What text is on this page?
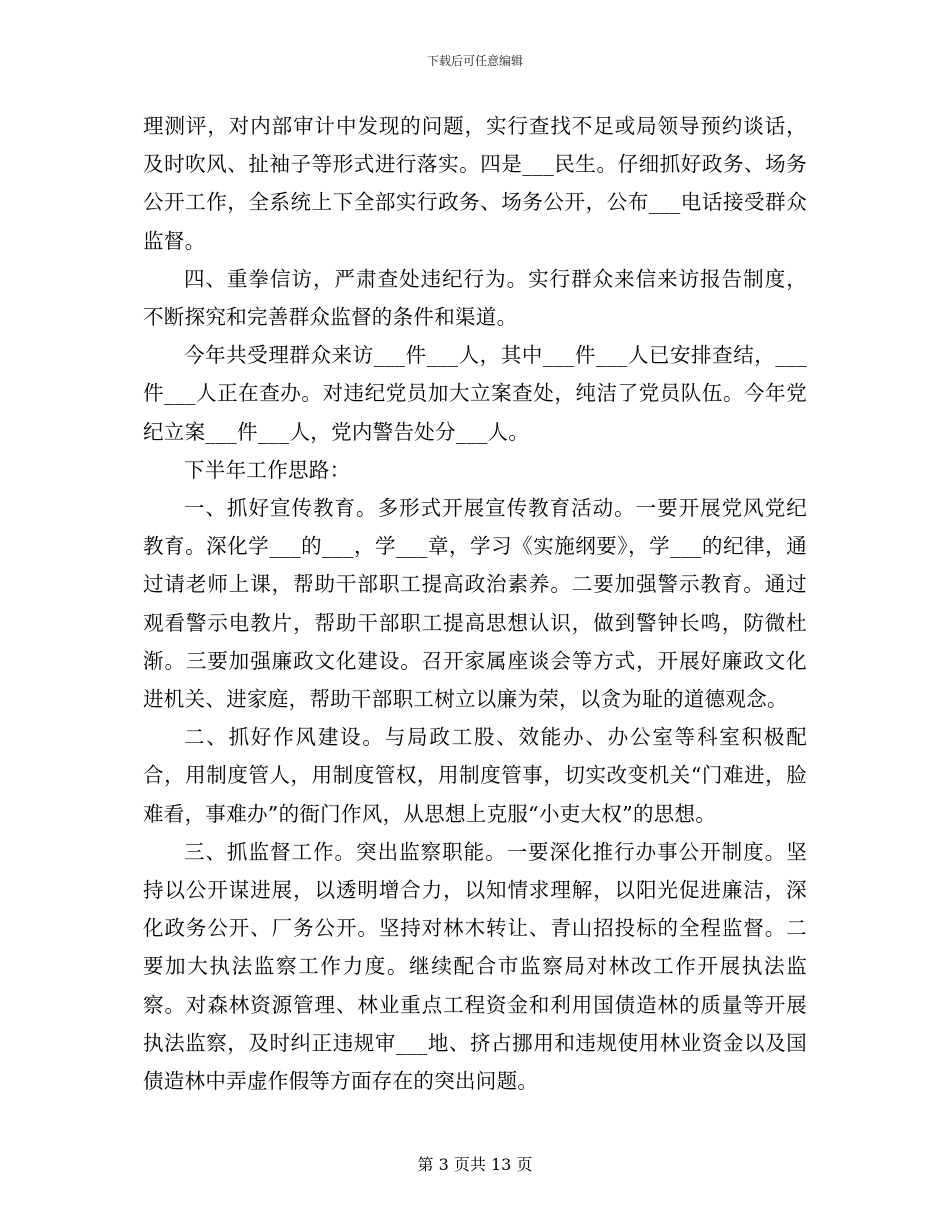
下载后可任意编辑

理测评，对内部审计中发现的问题，实行查找不足或局领导预约谈话，及时吹风、扯袖子等形式进行落实。四是___民生。仔细抓好政务、场务公开工作，全系统上下全部实行政务、场务公开，公布___电话接受群众监督。

四、重拳信访，严肃查处违纪行为。实行群众来信来访报告制度，不断探究和完善群众监督的条件和渠道。

今年共受理群众来访___件___人，其中___件___人已安排查结，___件___人正在查办。对违纪党员加大立案查处，纯洁了党员队伍。今年党纪立案___件___人，党内警告处分___人。

下半年工作思路：

一、抓好宣传教育。多形式开展宣传教育活动。一要开展党风党纪教育。深化学___的___，学___章，学习《实施纲要》，学___的纪律，通过请老师上课，帮助干部职工提高政治素养。二要加强警示教育。通过观看警示电教片，帮助干部职工提高思想认识，做到警钟长鸣，防微杜渐。三要加强廉政文化建设。召开家属座谈会等方式，开展好廉政文化进机关、进家庭，帮助干部职工树立以廉为荣，以贪为耻的道德观念。

二、抓好作风建设。与局政工股、效能办、办公室等科室积极配合，用制度管人，用制度管权，用制度管事，切实改变机关“门难进，脸难看，事难办”的衙门作风，从思想上克服“小吏大权”的思想。

三、抓监督工作。突出监察职能。一要深化推行办事公开制度。坚持以公开谋进展，以透明增合力，以知情求理解，以阳光促进廉洁，深化政务公开、厂务公开。坚持对林木转让、青山招投标的全程监督。二要加大执法监察工作力度。继续配合市监察局对林改工作开展执法监察。对森林资源管理、林业重点工程资金和利用国债造林的质量等开展执法监察，及时纠正违规审___地、挤占挪用和违规使用林业资金以及国债造林中弄虚作假等方面存在的突出问题。

第 3 页共 13 页
